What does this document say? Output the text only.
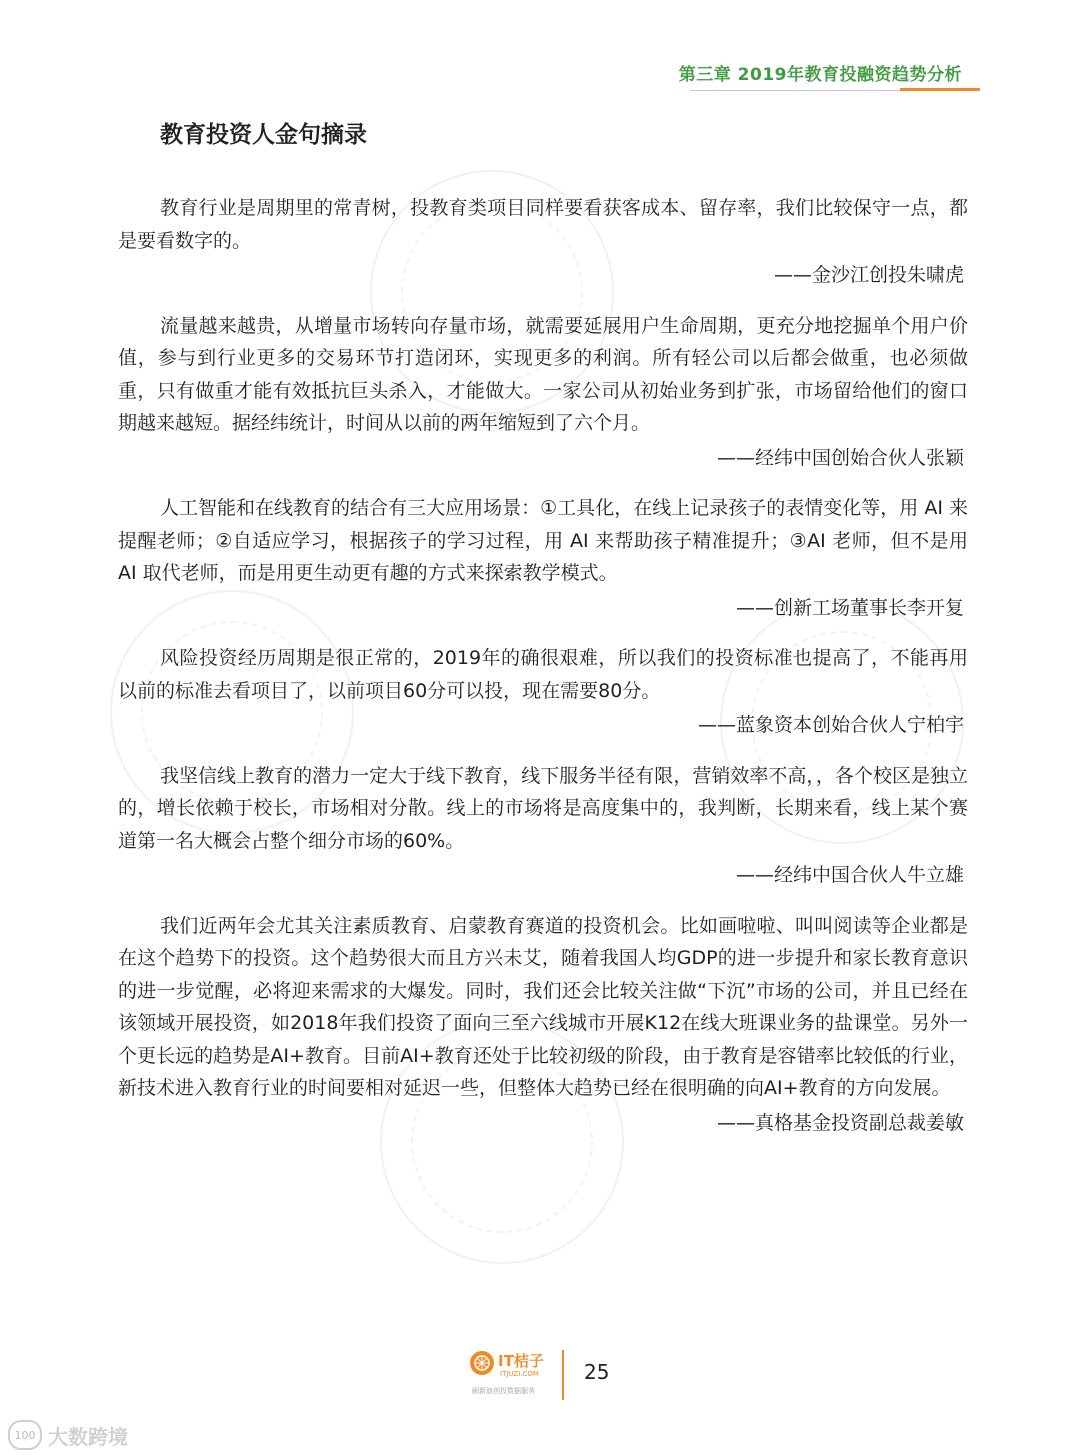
第三章 2019年教育投融资趋势分析
教育投资人金句摘录

教育行业是周期里的常青树，投教育类项目同样要看获客成本、留存率，我们比较保守一点，都是要看数字的。

——金沙江创投朱啸虎

流量越来越贵，从增量市场转向存量市场，就需要延展用户生命周期，更充分地挖掘单个用户价值，参与到行业更多的交易环节打造闭环，实现更多的利润。所有轻公司以后都会做重，也必须做重，只有做重才能有效抵抗巨头杀入，才能做大。一家公司从初始业务到扩张，市场留给他们的窗口期越来越短。据经纬统计，时间从以前的两年缩短到了六个月。

——经纬中国创始合伙人张颖

人工智能和在线教育的结合有三大应用场景：①工具化，在线上记录孩子的表情变化等，用 AI 来提醒老师；②自适应学习，根据孩子的学习过程，用 AI 来帮助孩子精准提升；③AI 老师，但不是用 AI 取代老师，而是用更生动更有趣的方式来探索教学模式。

——创新工场董事长李开复

风险投资经历周期是很正常的，2019年的确很艰难，所以我们的投资标准也提高了，不能再用以前的标准去看项目了，以前项目60分可以投，现在需要80分。

——蓝象资本创始合伙人宁柏宇

我坚信线上教育的潜力一定大于线下教育，线下服务半径有限，营销效率不高，，各个校区是独立的，增长依赖于校长，市场相对分散。线上的市场将是高度集中的，我判断，长期来看，线上某个赛道第一名大概会占整个细分市场的60%。

——经纬中国合伙人牛立雄

我们近两年会尤其关注素质教育、启蒙教育赛道的投资机会。比如画啦啦、叫叫阅读等企业都是在这个趋势下的投资。这个趋势很大而且方兴未艾，随着我国人均GDP的进一步提升和家长教育意识的进一步觉醒，必将迎来需求的大爆发。同时，我们还会比较关注做“下沉”市场的公司，并且已经在该领域开展投资，如2018年我们投资了面向三至六线城市开展K12在线大班课业务的盐课堂。另外一个更长远的趋势是AI+教育。目前AI+教育还处于比较初级的阶段，由于教育是容错率比较低的行业，新技术进入教育行业的时间要相对延迟一些，但整体大趋势已经在很明确的向AI+教育的方向发展。

——真格基金投资副总裁姜敏
IT桔子
ITJUZI.COM
刷新浪创投数据服务
25
100 大数跨境
